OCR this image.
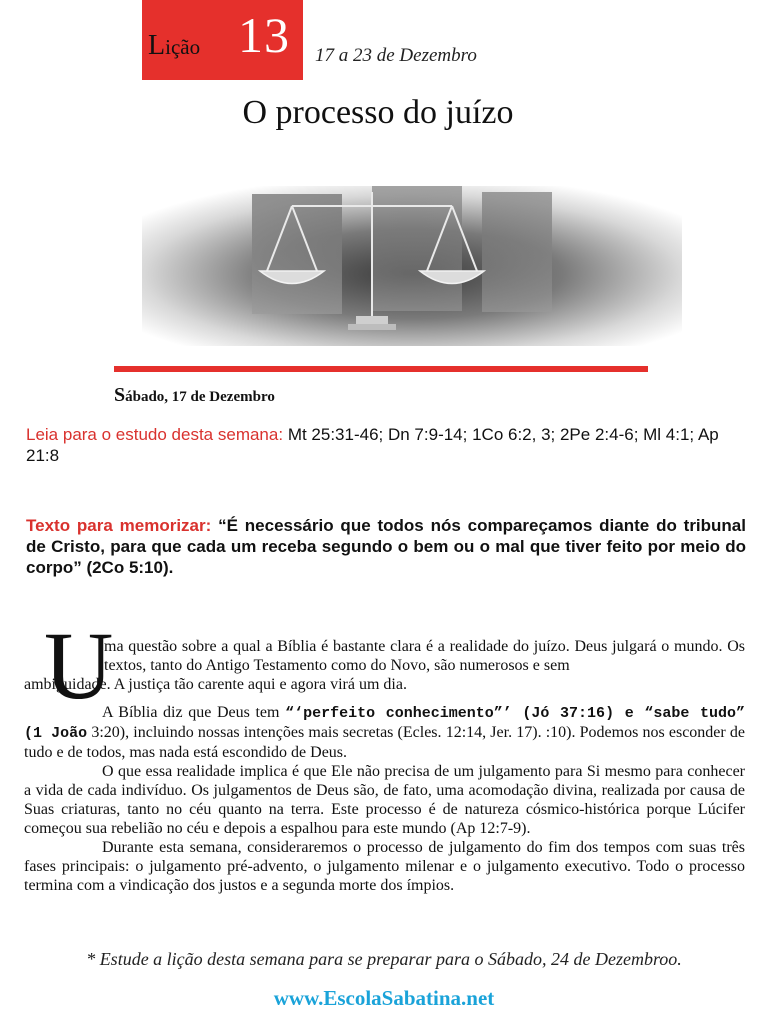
Lição 13 17 a 23 de Dezembro
O processo do juízo
Sábado, 17 de Dezembro
Leia para o estudo desta semana: Mt 25:31-46; Dn 7:9-14; 1Co 6:2, 3; 2Pe 2:4-6; Ml 4:1; Ap 21:8
Texto para memorizar: “É necessário que todos nós compareçamos diante do tribunal de Cristo, para que cada um receba segundo o bem ou o mal que tiver feito por meio do corpo” (2Co 5:10).
U
ma questão sobre a qual a Bíblia é bastante clara é a realidade do juízo. Deus julgará o mundo. Os textos, tanto do Antigo Testamento como do Novo, são numerosos e sem
ambiguidade. A justiça tão carente aqui e agora virá um dia.

A Bíblia diz que Deus tem “‘perfeito conhecimento”’ (Jó 37:16) e “sabe tudo” (1 João 3:20), incluindo nossas intenções mais secretas (Ecles. 12:14, Jer. 17). :10). Podemos nos esconder de tudo e de todos, mas nada está escondido de Deus.

O que essa realidade implica é que Ele não precisa de um julgamento para Si mesmo para conhecer a vida de cada indivíduo. Os julgamentos de Deus são, de fato, uma acomodação divina, realizada por causa de Suas criaturas, tanto no céu quanto na terra. Este processo é de natureza cósmico-histórica porque Lúcifer começou sua rebelião no céu e depois a espalhou para este mundo (Ap 12:7-9).

Durante esta semana, consideraremos o processo de julgamento do fim dos tempos com suas três fases principais: o julgamento pré-advento, o julgamento milenar e o julgamento executivo. Todo o processo termina com a vindicação dos justos e a segunda morte dos ímpios.

* Estude a lição desta semana para se preparar para o Sábado, 24 de Dezembroo.
www.EscolaSabatina.net
